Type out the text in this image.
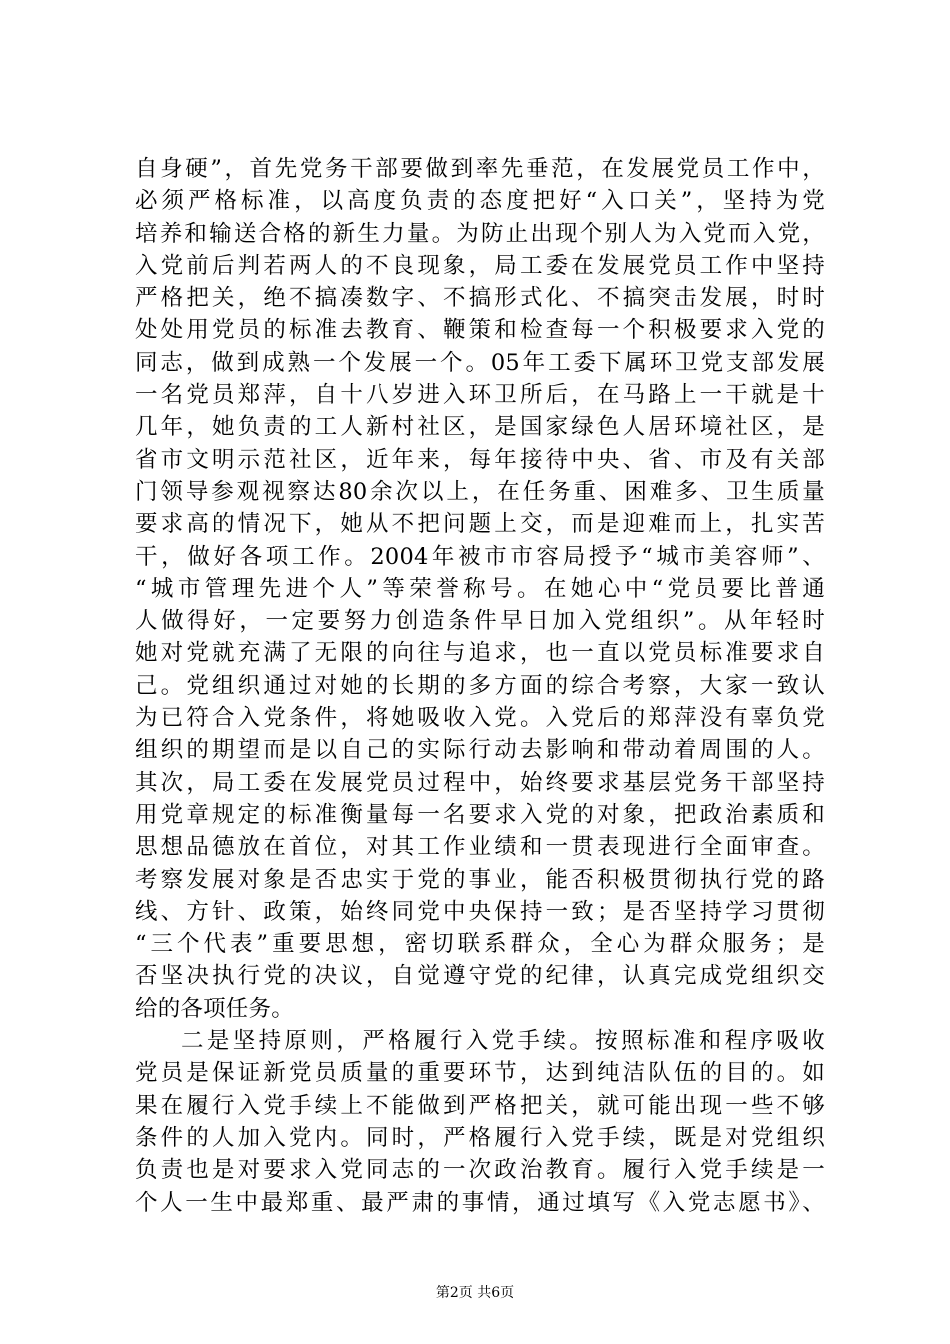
自身硬”，首先党务干部要做到率先垂范，在发展党员工作中，
必须严格标准，以高度负责的态度把好“入口关”，坚持为党
培养和输送合格的新生力量。为防止出现个别人为入党而入党，
入党前后判若两人的不良现象，局工委在发展党员工作中坚持
严格把关，绝不搞凑数字、不搞形式化、不搞突击发展，时时
处处用党员的标准去教育、鞭策和检查每一个积极要求入党的
同志，做到成熟一个发展一个。05年工委下属环卫党支部发展
一名党员郑萍，自十八岁进入环卫所后，在马路上一干就是十
几年，她负责的工人新村社区，是国家绿色人居环境社区，是
省市文明示范社区，近年来，每年接待中央、省、市及有关部
门领导参观视察达80余次以上，在任务重、困难多、卫生质量
要求高的情况下，她从不把问题上交，而是迎难而上，扎实苦
干，做好各项工作。2004年被市市容局授予“城市美容师”、
“城市管理先进个人”等荣誉称号。在她心中“党员要比普通
人做得好，一定要努力创造条件早日加入党组织”。从年轻时
她对党就充满了无限的向往与追求，也一直以党员标准要求自
己。党组织通过对她的长期的多方面的综合考察，大家一致认
为已符合入党条件，将她吸收入党。入党后的郑萍没有辜负党
组织的期望而是以自己的实际行动去影响和带动着周围的人。
其次，局工委在发展党员过程中，始终要求基层党务干部坚持
用党章规定的标准衡量每一名要求入党的对象，把政治素质和
思想品德放在首位，对其工作业绩和一贯表现进行全面审查。
考察发展对象是否忠实于党的事业，能否积极贯彻执行党的路
线、方针、政策，始终同党中央保持一致；是否坚持学习贯彻
“三个代表”重要思想，密切联系群众，全心为群众服务；是
否坚决执行党的决议，自觉遵守党的纪律，认真完成党组织交
给的各项任务。
二是坚持原则，严格履行入党手续。按照标准和程序吸收
党员是保证新党员质量的重要环节，达到纯洁队伍的目的。如
果在履行入党手续上不能做到严格把关，就可能出现一些不够
条件的人加入党内。同时，严格履行入党手续，既是对党组织
负责也是对要求入党同志的一次政治教育。履行入党手续是一
个人一生中最郑重、最严肃的事情，通过填写《入党志愿书》、
第2页 共6页
